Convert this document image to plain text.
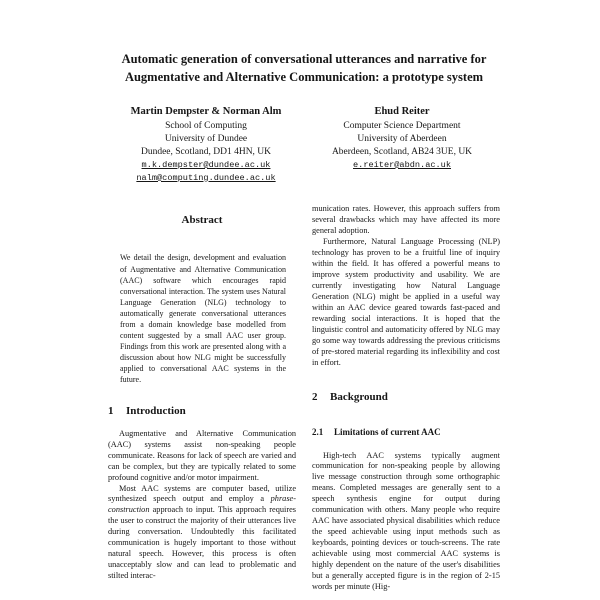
Automatic generation of conversational utterances and narrative for
Augmentative and Alternative Communication: a prototype system
Martin Dempster & Norman Alm
School of Computing
University of Dundee
Dundee, Scotland, DD1 4HN, UK
m.k.dempster@dundee.ac.uk
nalm@computing.dundee.ac.uk
Ehud Reiter
Computer Science Department
University of Aberdeen
Aberdeen, Scotland, AB24 3UE, UK
e.reiter@abdn.ac.uk
Abstract

We detail the design, development and evaluation of Augmentative and Alternative Communication (AAC) software which encourages rapid conversational interaction. The system uses Natural Language Generation (NLG) technology to automatically generate conversational utterances from a domain knowledge base modelled from content suggested by a small AAC user group. Findings from this work are presented along with a discussion about how NLG might be successfully applied to conversational AAC systems in the future.

1 Introduction

Augmentative and Alternative Communication (AAC) systems assist non-speaking people communicate. Reasons for lack of speech are varied and can be complex, but they are typically related to some profound cognitive and/or motor impairment.

Most AAC systems are computer based, utilize synthesized speech output and employ a phrase-construction approach to input. This approach requires the user to construct the majority of their utterances live during conversation. Undoubtedly this facilitated communication is hugely important to those without natural speech. However, this process is often unacceptably slow and can lead to problematic and stilted interac-

munication rates. However, this approach suffers from several drawbacks which may have affected its more general adoption.

Furthermore, Natural Language Processing (NLP) technology has proven to be a fruitful line of inquiry within the field. It has offered a powerful means to improve system productivity and usability. We are currently investigating how Natural Language Generation (NLG) might be applied in a useful way within an AAC device geared towards fast-paced and rewarding social interactions. It is hoped that the linguistic control and automaticity offered by NLG may go some way towards addressing the previous criticisms of pre-stored material regarding its inflexibility and cost in effort.

2 Background
2.1 Limitations of current AAC

High-tech AAC systems typically augment communication for non-speaking people by allowing live message construction through some orthographic means. Completed messages are generally sent to a speech synthesis engine for output during communication with others. Many people who require AAC have associated physical disabilities which reduce the speed achievable using input methods such as keyboards, pointing devices or touch-screens. The rate achievable using most commercial AAC systems is highly dependent on the nature of the user's disabilities but a generally accepted figure is in the region of 2-15 words per minute (Hig-
